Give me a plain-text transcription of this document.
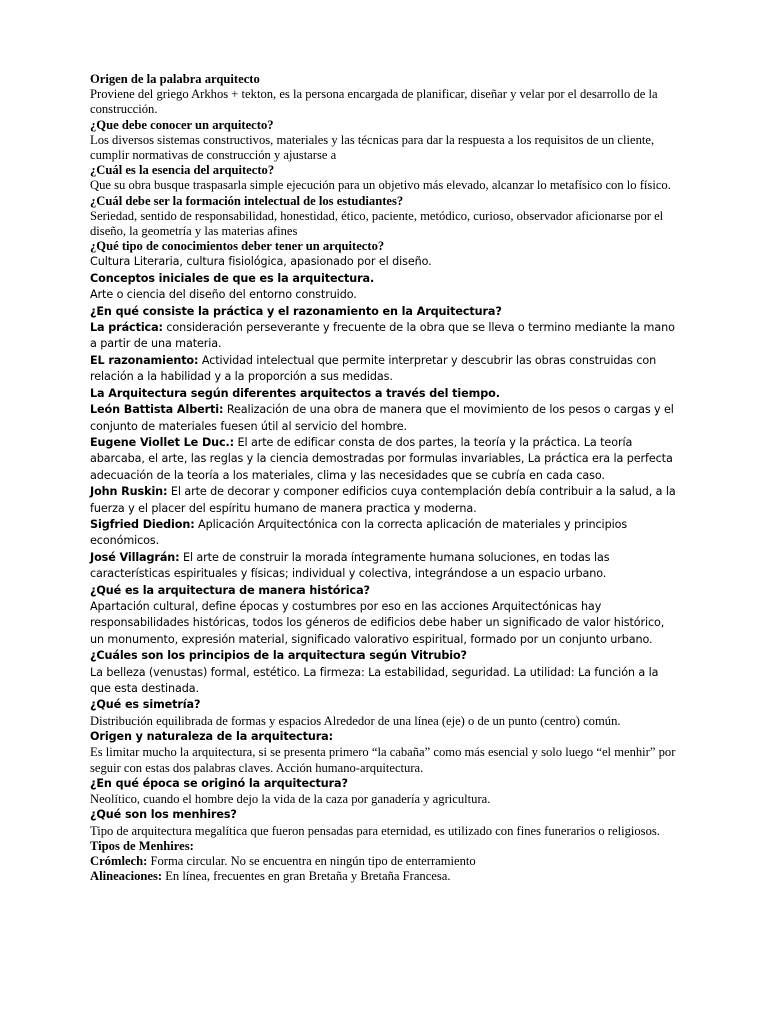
Origen de la palabra arquitecto

Proviene del griego Arkhos + tekton, es la persona encargada de planificar, diseñar y velar por el desarrollo de la construcción.

¿Que debe conocer un arquitecto?

Los diversos sistemas constructivos, materiales y las técnicas para dar la respuesta a los requisitos de un cliente, cumplir normativas de construcción y ajustarse a

¿Cuál es la esencia del arquitecto?

Que su obra busque traspasarla simple ejecución para un objetivo más elevado, alcanzar lo metafísico con lo físico.

¿Cuál debe ser la formación intelectual de los estudiantes?

Seriedad, sentido de responsabilidad, honestidad, ético, paciente, metódico, curioso, observador aficionarse por el diseño, la geometría y las materias afines

¿Qué tipo de conocimientos deber tener un arquitecto?

Cultura Literaria, cultura fisiológica, apasionado por el diseño.

Conceptos iniciales de que es la arquitectura.

Arte o ciencia del diseño del entorno construido.

¿En qué consiste la práctica y el razonamiento en la Arquitectura?

La práctica: consideración perseverante y frecuente de la obra que se lleva o termino mediante la mano a partir de una materia.

EL razonamiento: Actividad intelectual que permite interpretar y descubrir las obras construidas con relación a la habilidad y a la proporción a sus medidas.

La Arquitectura según diferentes arquitectos a través del tiempo.

León Battista Alberti: Realización de una obra de manera que el movimiento de los pesos o cargas y el conjunto de materiales fuesen útil al servicio del hombre.

Eugene Viollet Le Duc.: El arte de edificar consta de dos partes, la teoría y la práctica. La teoría abarcaba, el arte, las reglas y la ciencia demostradas por formulas invariables, La práctica era la perfecta adecuación de la teoría a los materiales, clima y las necesidades que se cubría en cada caso.

John Ruskin: El arte de decorar y componer edificios cuya contemplación debía contribuir a la salud, a la fuerza y el placer del espíritu humano de manera practica y moderna.

Sigfried Diedion: Aplicación Arquitectónica con la correcta aplicación de materiales y principios económicos.

José Villagrán: El arte de construir la morada íntegramente humana soluciones, en todas las características espirituales y físicas; individual y colectiva, integrándose a un espacio urbano.

¿Qué es la arquitectura de manera histórica?

Apartación cultural, define épocas y costumbres por eso en las acciones Arquitectónicas hay responsabilidades históricas, todos los géneros de edificios debe haber un significado de valor histórico, un monumento, expresión material, significado valorativo espiritual, formado por un conjunto urbano.

¿Cuáles son los principios de la arquitectura según Vitrubio?

La belleza (venustas) formal, estético. La firmeza: La estabilidad, seguridad. La utilidad: La función a la que esta destinada.

¿Qué es simetría?

Distribución equilibrada de formas y espacios Alrededor de una línea (eje) o de un punto (centro) común.

Origen y naturaleza de la arquitectura:

Es limitar mucho la arquitectura, si se presenta primero “la cabaña” como más esencial y solo luego “el menhir” por seguir con estas dos palabras claves. Acción humano-arquitectura.

¿En qué época se originó la arquitectura?

Neolítico, cuando el hombre dejo la vida de la caza por ganadería y agricultura.

¿Qué son los menhires?

Tipo de arquitectura megalítica que fueron pensadas para eternidad, es utilizado con fines funerarios o religiosos.

Tipos de Menhires:

Crómlech: Forma circular. No se encuentra en ningún tipo de enterramiento

Alineaciones: En línea, frecuentes en gran Bretaña y Bretaña Francesa.
